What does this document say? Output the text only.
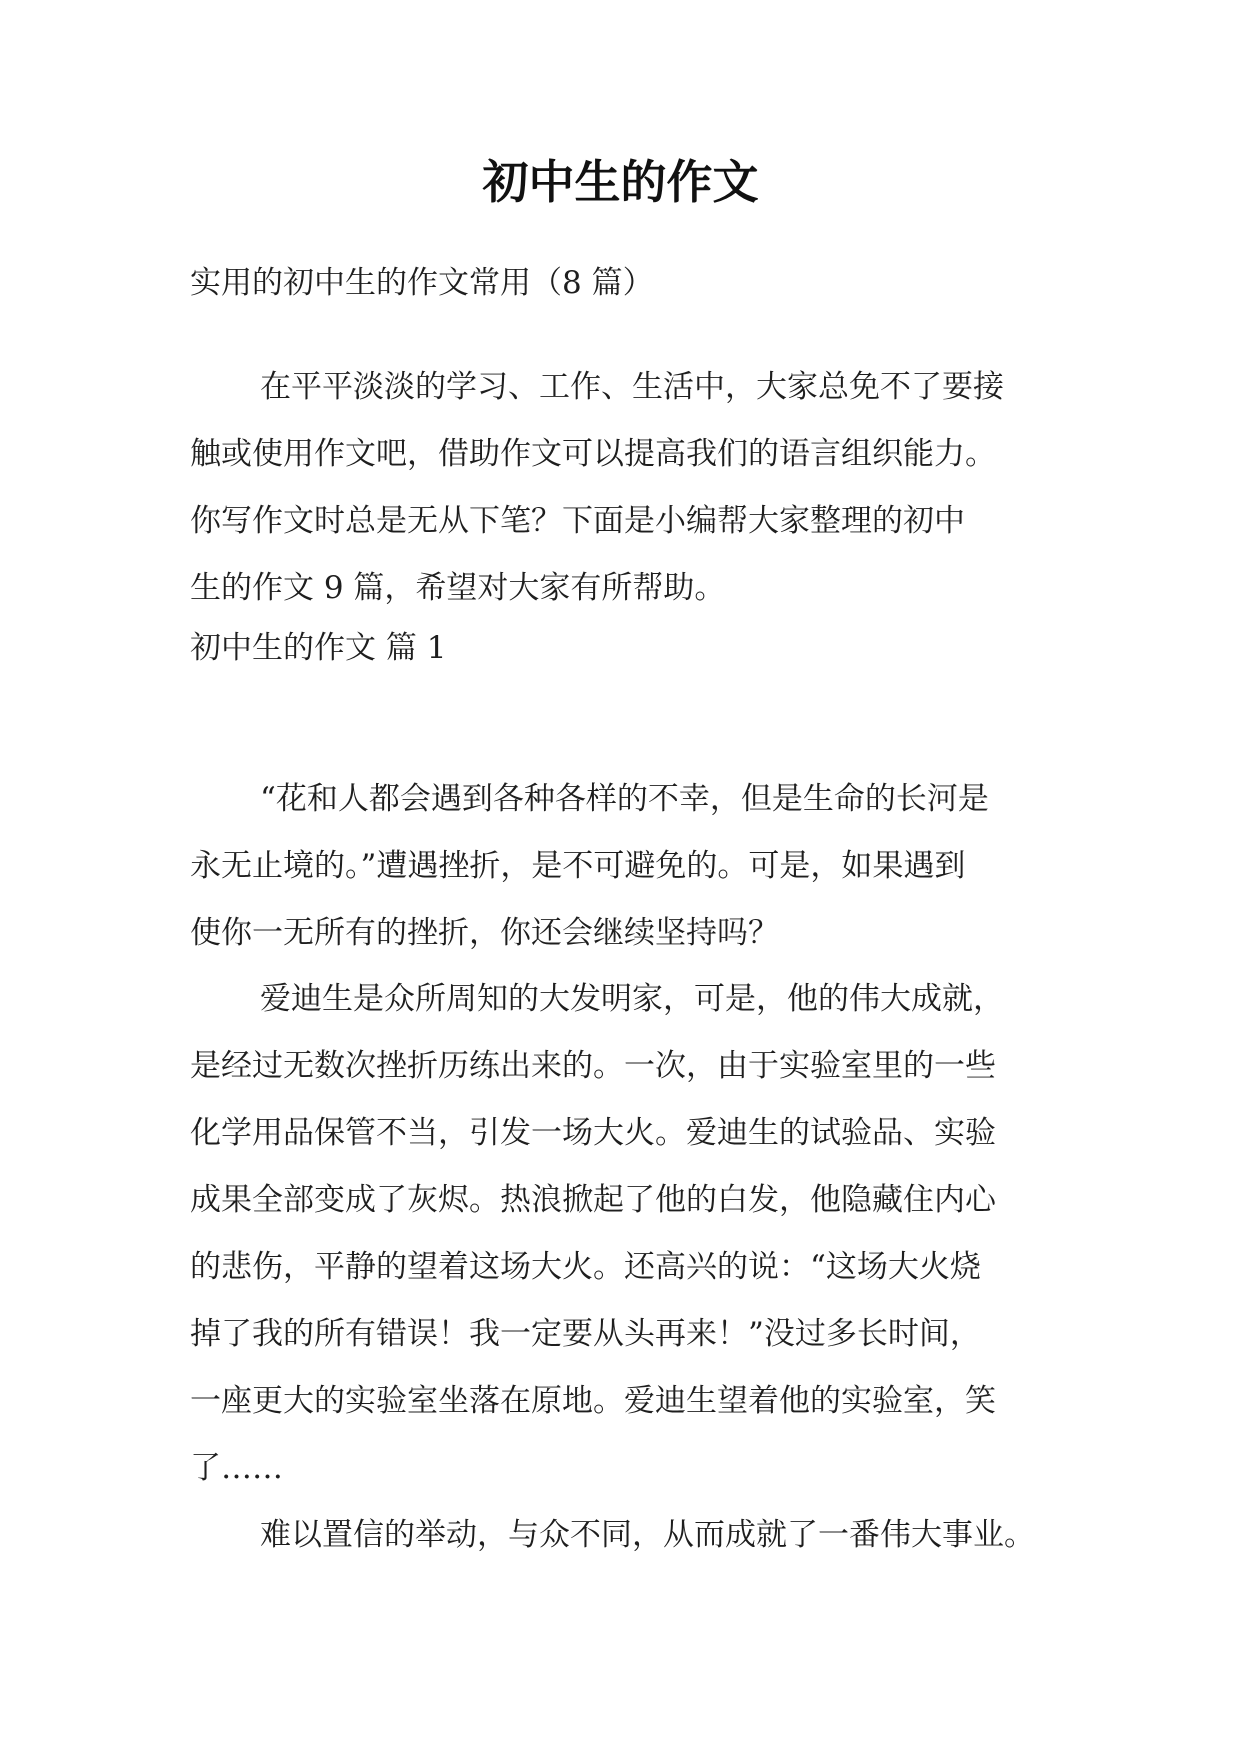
初中生的作文
实用的初中生的作文常用（8 篇）
在平平淡淡的学习、工作、生活中，大家总免不了要接
触或使用作文吧，借助作文可以提高我们的语言组织能力。
你写作文时总是无从下笔？下面是小编帮大家整理的初中
生的作文 9 篇，希望对大家有所帮助。
初中生的作文 篇 1
“花和人都会遇到各种各样的不幸，但是生命的长河是
永无止境的。”遭遇挫折，是不可避免的。可是，如果遇到
使你一无所有的挫折，你还会继续坚持吗？
爱迪生是众所周知的大发明家，可是，他的伟大成就，
是经过无数次挫折历练出来的。一次，由于实验室里的一些
化学用品保管不当，引发一场大火。爱迪生的试验品、实验
成果全部变成了灰烬。热浪掀起了他的白发，他隐藏住内心
的悲伤，平静的望着这场大火。还高兴的说：“这场大火烧
掉了我的所有错误！我一定要从头再来！”没过多长时间，
一座更大的实验室坐落在原地。爱迪生望着他的实验室，笑
了……
难以置信的举动，与众不同，从而成就了一番伟大事业。
